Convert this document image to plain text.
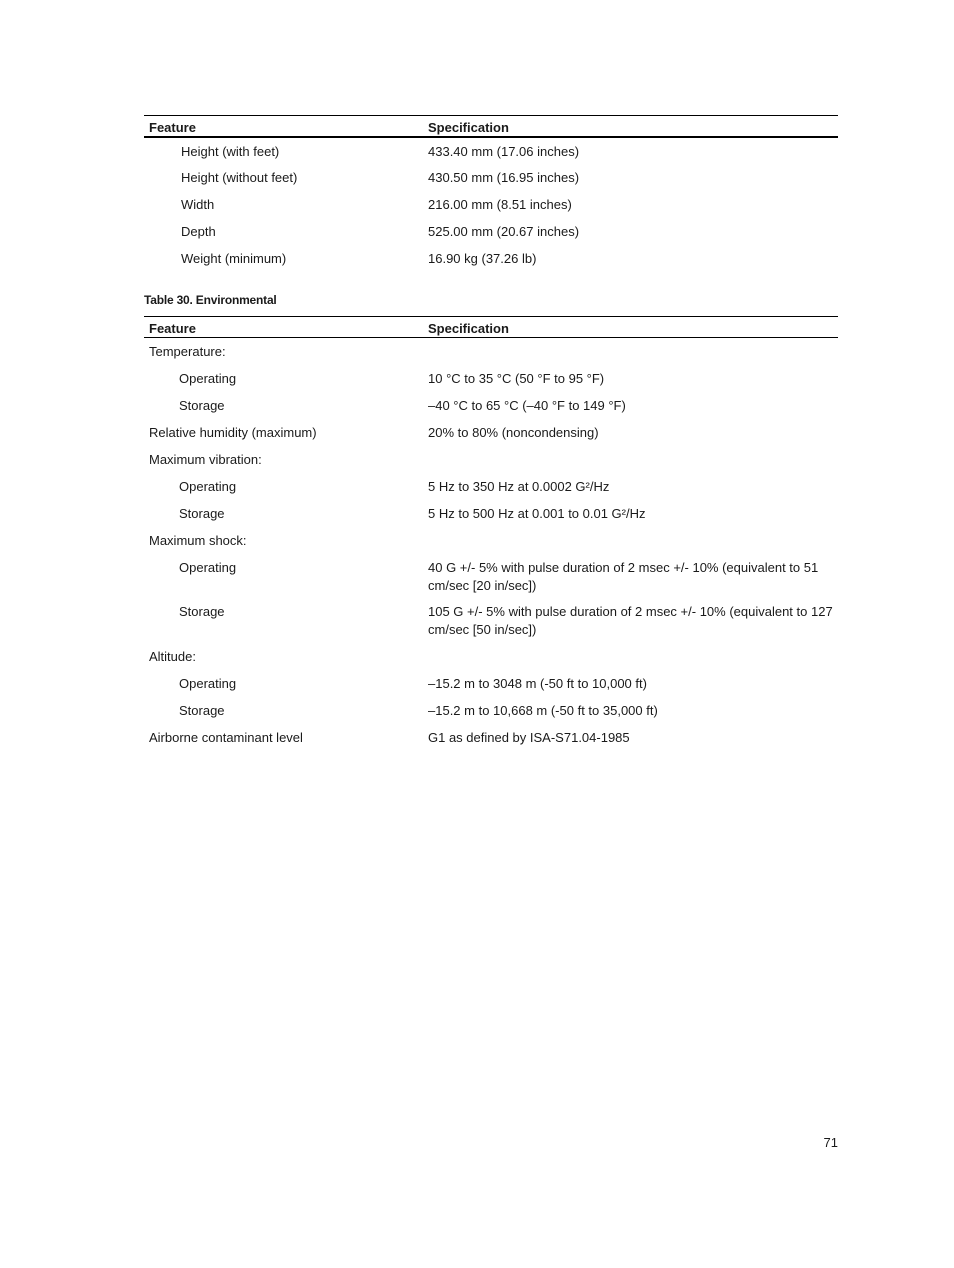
Feature	Specification
Height (with feet)	433.40 mm (17.06 inches)
Height (without feet)	430.50 mm (16.95 inches)
Width	216.00 mm (8.51 inches)
Depth	525.00 mm (20.67 inches)
Weight (minimum)	16.90 kg (37.26 lb)
Table 30. Environmental
Feature	Specification
Temperature:	
Operating	10 °C to 35 °C (50 °F to 95 °F)
Storage	–40 °C to 65 °C (–40 °F to 149 °F)
Relative humidity (maximum)	20% to 80% (noncondensing)
Maximum vibration:	
Operating	5 Hz to 350 Hz at 0.0002 G²/Hz
Storage	5 Hz to 500 Hz at 0.001 to 0.01 G²/Hz
Maximum shock:	
Operating	40 G +/- 5% with pulse duration of 2 msec +/- 10% (equivalent to 51 cm/sec [20 in/sec])
Storage	105 G +/- 5% with pulse duration of 2 msec +/- 10% (equivalent to 127 cm/sec [50 in/sec])
Altitude:	
Operating	–15.2 m to 3048 m (-50 ft to 10,000 ft)
Storage	–15.2 m to 10,668 m (-50 ft to 35,000 ft)
Airborne contaminant level	G1 as defined by ISA-S71.04-1985
71
